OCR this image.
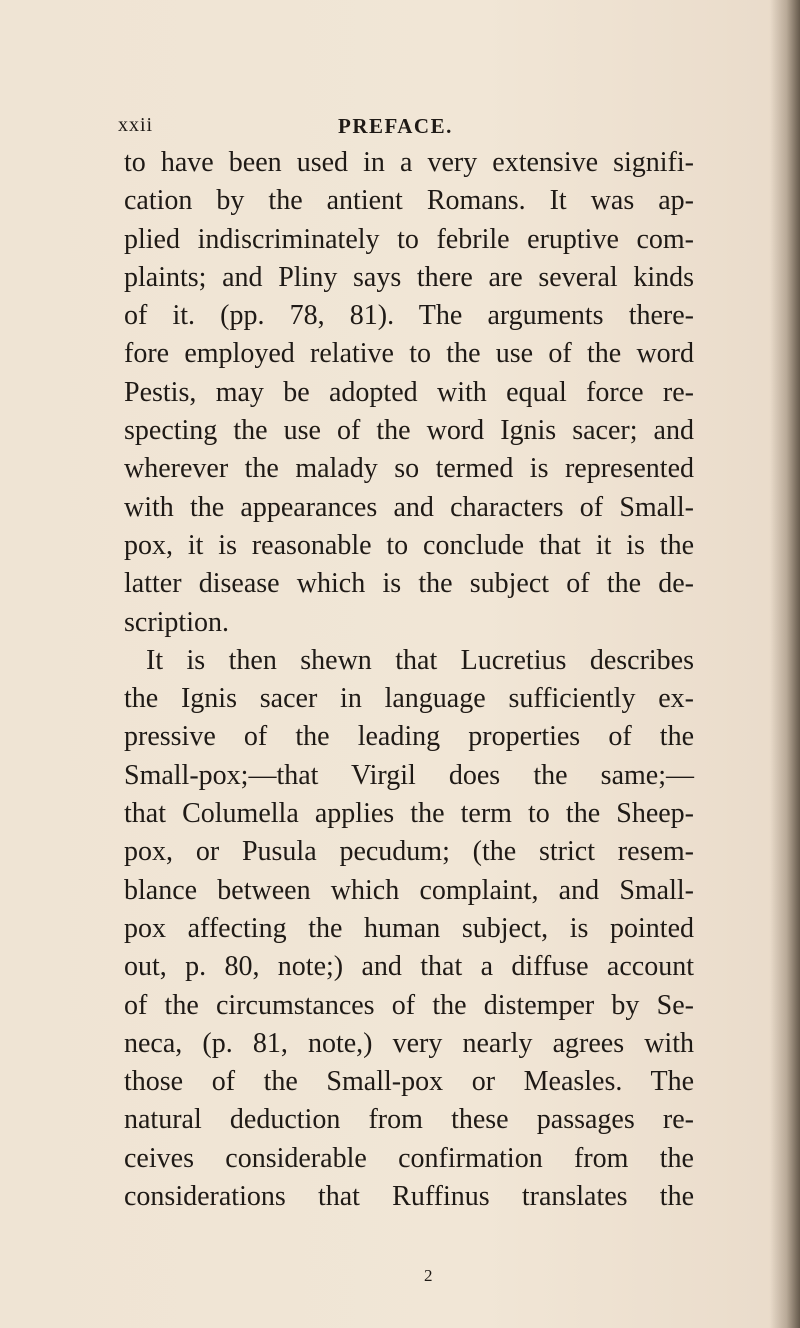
xxii	PREFACE.
to have been used in a very extensive signifi-
cation by the antient Romans. It was ap-
plied indiscriminately to febrile eruptive com-
plaints; and Pliny says there are several kinds
of it. (pp. 78, 81). The arguments there-
fore employed relative to the use of the word
Pestis, may be adopted with equal force re-
specting the use of the word Ignis sacer; and
wherever the malady so termed is represented
with the appearances and characters of Small-
pox, it is reasonable to conclude that it is the
latter disease which is the subject of the de-
scription.
It is then shewn that Lucretius describes
the Ignis sacer in language sufficiently ex-
pressive of the leading properties of the
Small-pox;—that Virgil does the same;—
that Columella applies the term to the Sheep-
pox, or Pusula pecudum; (the strict resem-
blance between which complaint, and Small-
pox affecting the human subject, is pointed
out, p. 80, note;) and that a diffuse account
of the circumstances of the distemper by Se-
neca, (p. 81, note,) very nearly agrees with
those of the Small-pox or Measles. The
natural deduction from these passages re-
ceives considerable confirmation from the
considerations that Ruffinus translates the
2
